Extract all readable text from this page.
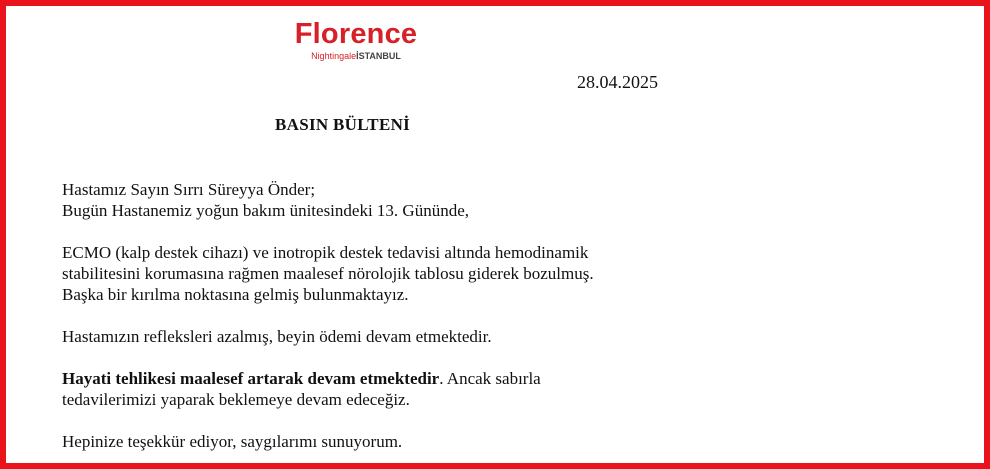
Florence
NightingaleİSTANBUL
28.04.2025
BASIN BÜLTENİ

Hastamız Sayın Sırrı Süreyya Önder;

Bugün Hastanemiz yoğun bakım ünitesindeki 13. Gününde,

ECMO (kalp destek cihazı) ve inotropik destek tedavisi altında hemodinamik

stabilitesini korumasına rağmen maalesef nörolojik tablosu giderek bozulmuş.

Başka bir kırılma noktasına gelmiş bulunmaktayız.

Hastamızın refleksleri azalmış, beyin ödemi devam etmektedir.

Hayati tehlikesi maalesef artarak devam etmektedir. Ancak sabırla

tedavilerimizi yaparak beklemeye devam edeceğiz.

Hepinize teşekkür ediyor, saygılarımı sunuyorum.
